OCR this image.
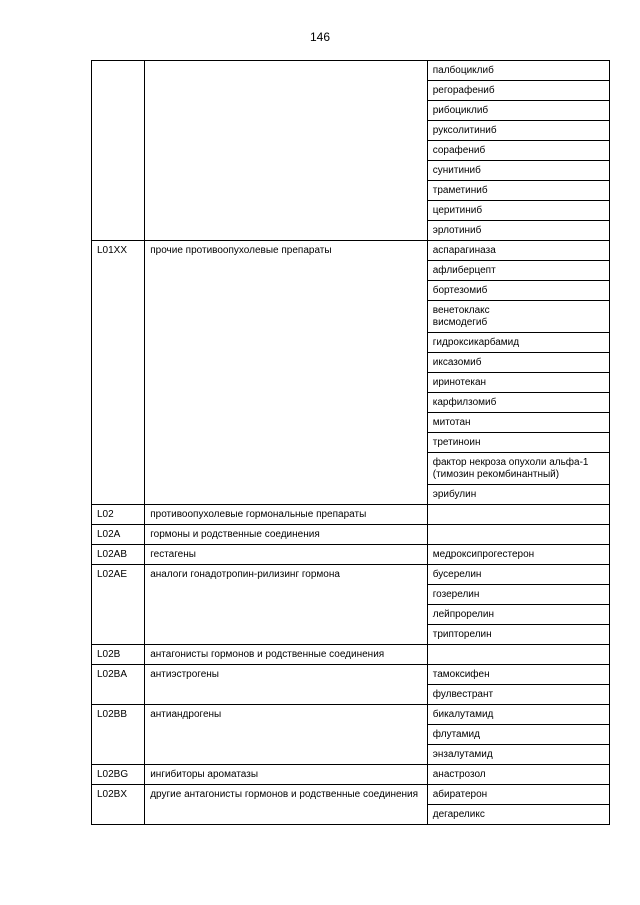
146
		палбоциклиб
		регорафениб
		рибоциклиб
		руксолитиниб
		сорафениб
		сунитиниб
		траметиниб
		церитиниб
		эрлотиниб
L01XX	прочие противоопухолевые препараты	аспарагиназа
		афлиберцепт
		бортезомиб
		венетоклакс
висмодегиб
		гидроксикарбамид
		иксазомиб
		иринотекан
		карфилзомиб
		митотан
		третиноин
		фактор некроза опухоли альфа-1 (тимозин рекомбинантный)
		эрибулин
L02	противоопухолевые гормональные препараты	
L02A	гормоны и родственные соединения	
L02AB	гестагены	медроксипрогестерон
L02AE	аналоги гонадотропин-рилизинг гормона	бусерелин
		гозерелин
		лейпрорелин
		трипторелин
L02B	антагонисты гормонов и родственные соединения	
L02BA	антиэстрогены	тамоксифен
		фулвестрант
L02BB	антиандрогены	бикалутамид
		флутамид
		энзалутамид
L02BG	ингибиторы ароматазы	анастрозол
L02BX	другие антагонисты гормонов и родственные соединения	абиратерон
		дегареликс
